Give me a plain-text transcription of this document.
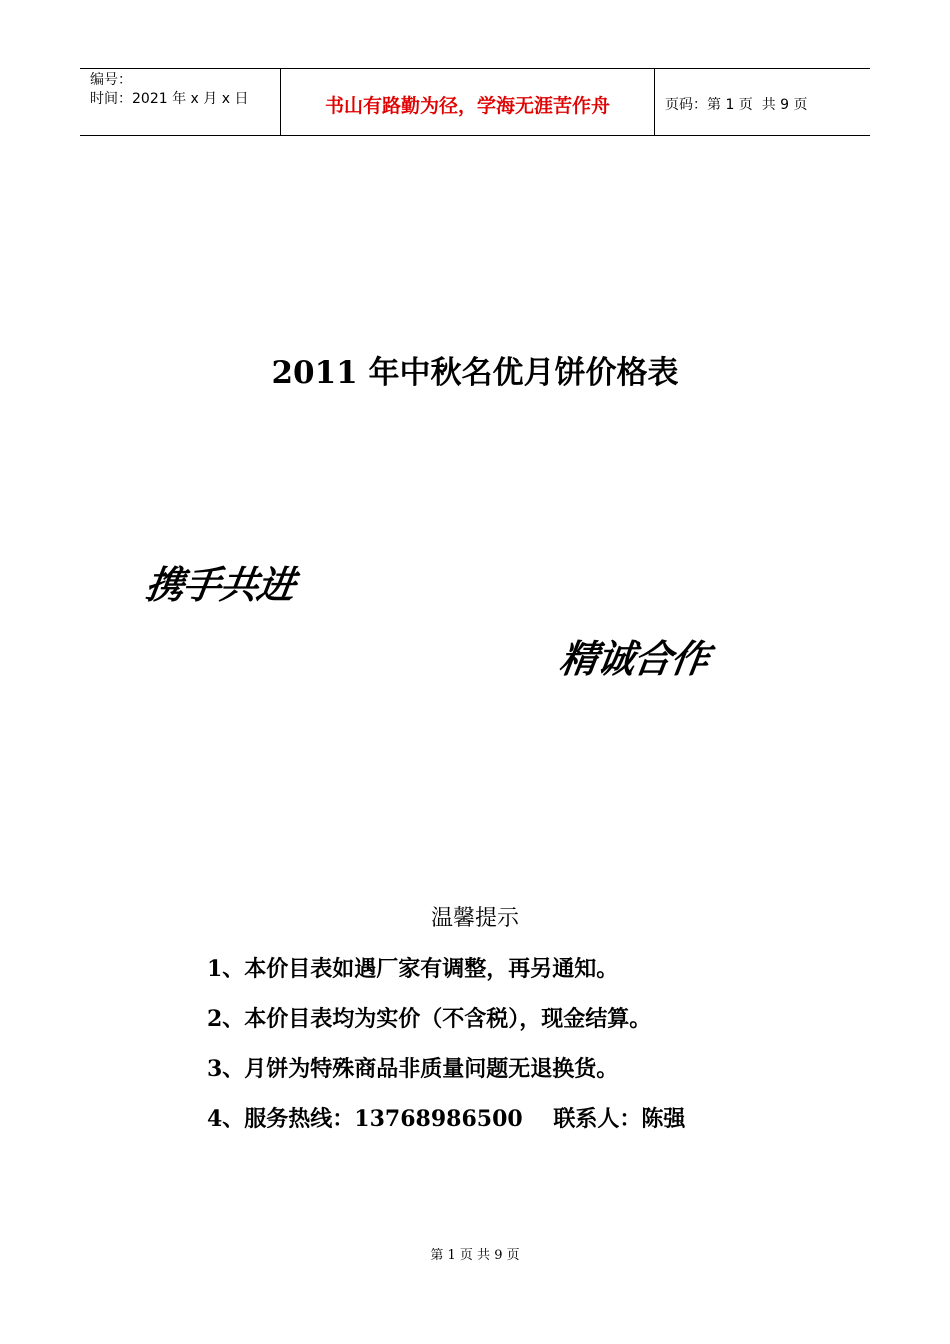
编号：
时间：2021 年 x 月 x 日	书山有路勤为径，学海无涯苦作舟	页码：第 1 页  共 9 页
2011 年中秋名优月饼价格表
携手共进
精诚合作
温馨提示
1、本价目表如遇厂家有调整，再另通知。
2、本价目表均为实价（不含税），现金结算。
3、月饼为特殊商品非质量问题无退换货。
4、服务热线：13768986500    联系人：陈强
第 1 页 共 9 页
